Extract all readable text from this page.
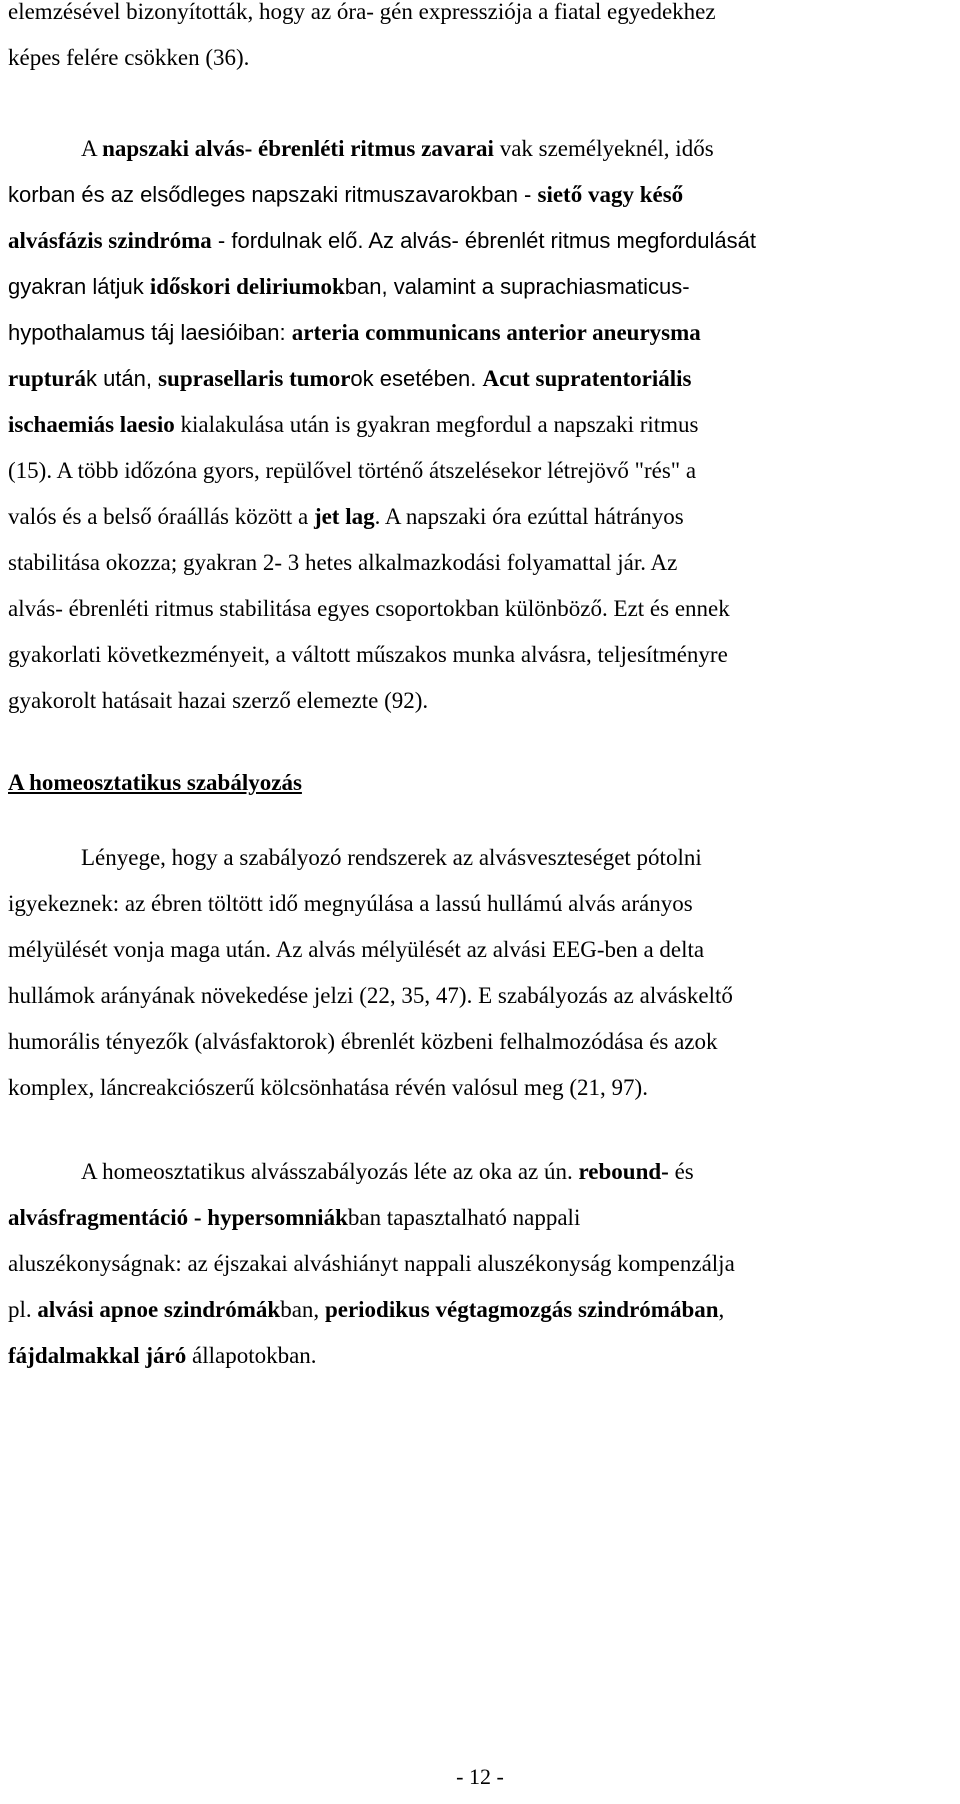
elemzésével bizonyították, hogy az óra- gén expressziója a fiatal egyedekhez

képes felére csökken (36).

A napszaki alvás- ébrenléti ritmus zavarai vak személyeknél, idős

korban és az elsődleges napszaki ritmuszavarokban - siető vagy késő

alvásfázis szindróma - fordulnak elő. Az alvás- ébrenlét ritmus megfordulását

gyakran látjuk időskori deliriumokban, valamint a suprachiasmaticus-

hypothalamus táj laesióiban: arteria communicans anterior aneurysma

rupturák után, suprasellaris tumorok esetében. Acut supratentoriális

ischaemiás laesio kialakulása után is gyakran megfordul a napszaki ritmus

(15). A több időzóna gyors, repülővel történő átszelésekor létrejövő "rés" a

valós és a belső óraállás között a jet lag. A napszaki óra ezúttal hátrányos

stabilitása okozza; gyakran 2- 3 hetes alkalmazkodási folyamattal jár. Az

alvás- ébrenléti ritmus stabilitása egyes csoportokban különböző. Ezt és ennek

gyakorlati következményeit, a váltott műszakos munka alvásra, teljesítményre

gyakorolt hatásait hazai szerző elemezte (92).

A homeosztatikus szabályozás

Lényege, hogy a szabályozó rendszerek az alvásveszteséget pótolni

igyekeznek: az ébren töltött idő megnyúlása a lassú hullámú alvás arányos

mélyülését vonja maga után. Az alvás mélyülését az alvási EEG-ben a delta

hullámok arányának növekedése jelzi (22, 35, 47). E szabályozás az alváskeltő

humorális tényezők (alvásfaktorok) ébrenlét közbeni felhalmozódása és azok

komplex, láncreakciószerű kölcsönhatása révén valósul meg (21, 97).

A homeosztatikus alvásszabályozás léte az oka az ún. rebound- és

alvásfragmentáció - hypersomniákban tapasztalható nappali

aluszékonyságnak: az éjszakai alváshiányt nappali aluszékonyság kompenzálja

pl. alvási apnoe szindrómákban, periodikus végtagmozgás szindrómában,

fájdalmakkal járó állapotokban.

- 12 -
